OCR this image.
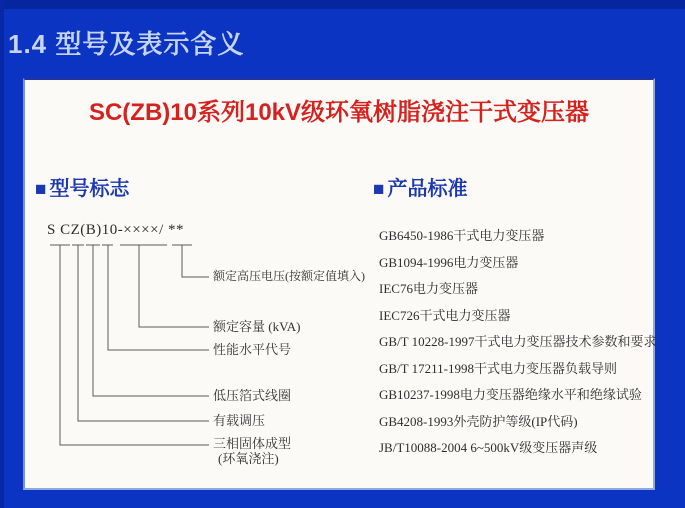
1.4 型号及表示含义
SC(ZB)10系列10kV级环氧树脂浇注干式变压器
■ 型号标志	■ 产品标准
S CZ(B)10-××××/ **
额定高压电压(按额定值填入)
额定容量 (kVA)
性能水平代号
低压箔式线圈
有载调压
三相固体成型
(环氧浇注)
GB6450-1986干式电力变压器
GB1094-1996电力变压器
IEC76电力变压器
IEC726干式电力变压器
GB/T 10228-1997干式电力变压器技术参数和要求
GB/T 17211-1998干式电力变压器负载导则
GB10237-1998电力变压器绝缘水平和绝缘试验
GB4208-1993外壳防护等级(IP代码)
JB/T10088-2004 6~500kV级变压器声级
